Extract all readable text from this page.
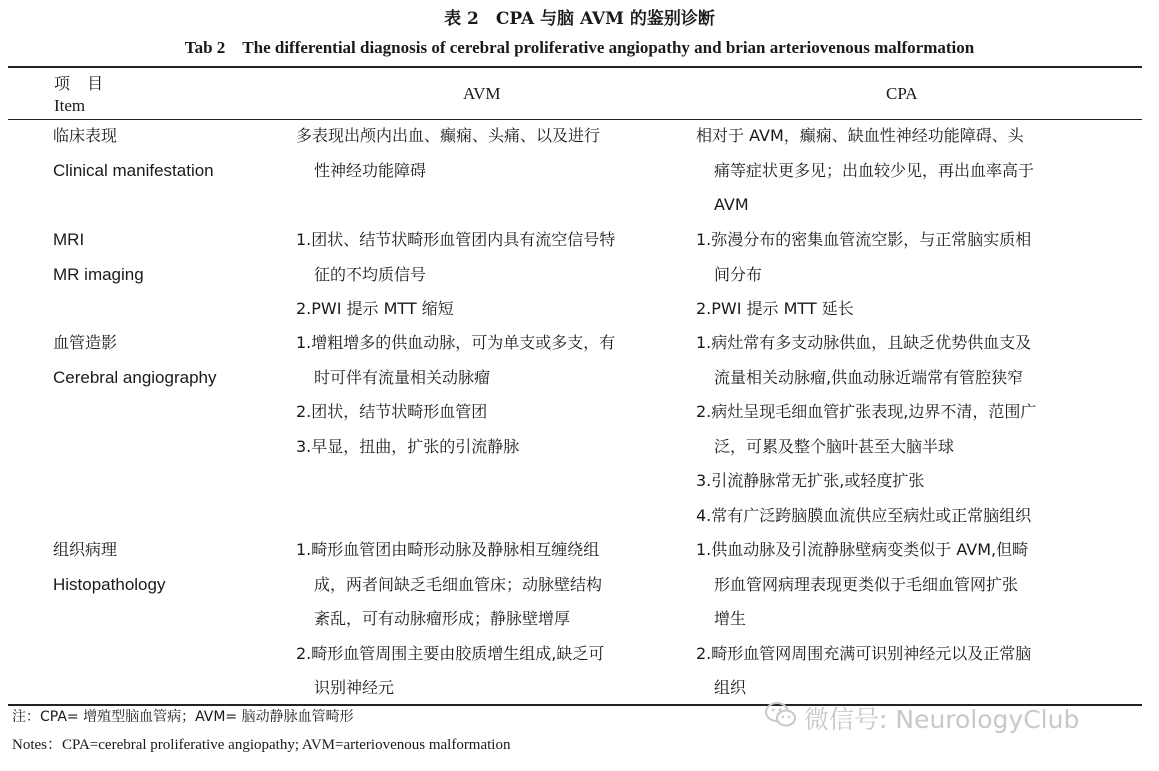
表 2　CPA 与脑 AVM 的鉴别诊断
Tab 2　The differential diagnosis of cerebral proliferative angiopathy and brian arteriovenous malformation
项 目
Item
AVM	CPA
临床表现
Clinical manifestation
多表现出颅内出血、癫痫、头痛、以及进行
性神经功能障碍
相对于 AVM，癫痫、缺血性神经功能障碍、头
痛等症状更多见；出血较少见，再出血率高于
AVM
MRI
MR imaging
1.团状、结节状畸形血管团内具有流空信号特
征的不均质信号
2.PWI 提示 MTT 缩短
1.弥漫分布的密集血管流空影，与正常脑实质相
间分布
2.PWI 提示 MTT 延长
血管造影
Cerebral angiography
1.增粗增多的供血动脉，可为单支或多支，有
时可伴有流量相关动脉瘤
2.团状，结节状畸形血管团
3.早显，扭曲，扩张的引流静脉
1.病灶常有多支动脉供血，且缺乏优势供血支及
流量相关动脉瘤,供血动脉近端常有管腔狭窄
2.病灶呈现毛细血管扩张表现,边界不清，范围广
泛，可累及整个脑叶甚至大脑半球
3.引流静脉常无扩张,或轻度扩张
4.常有广泛跨脑膜血流供应至病灶或正常脑组织
组织病理
Histopathology
1.畸形血管团由畸形动脉及静脉相互缠绕组
成，两者间缺乏毛细血管床；动脉壁结构
紊乱，可有动脉瘤形成；静脉壁增厚
2.畸形血管周围主要由胶质增生组成,缺乏可
识别神经元
1.供血动脉及引流静脉壁病变类似于 AVM,但畸
形血管网病理表现更类似于毛细血管网扩张
增生
2.畸形血管网周围充满可识别神经元以及正常脑
组织
注：CPA= 增殖型脑血管病；AVM= 脑动静脉血管畸形
Notes：CPA=cerebral proliferative angiopathy; AVM=arteriovenous malformation
微信号: NeurologyClub
